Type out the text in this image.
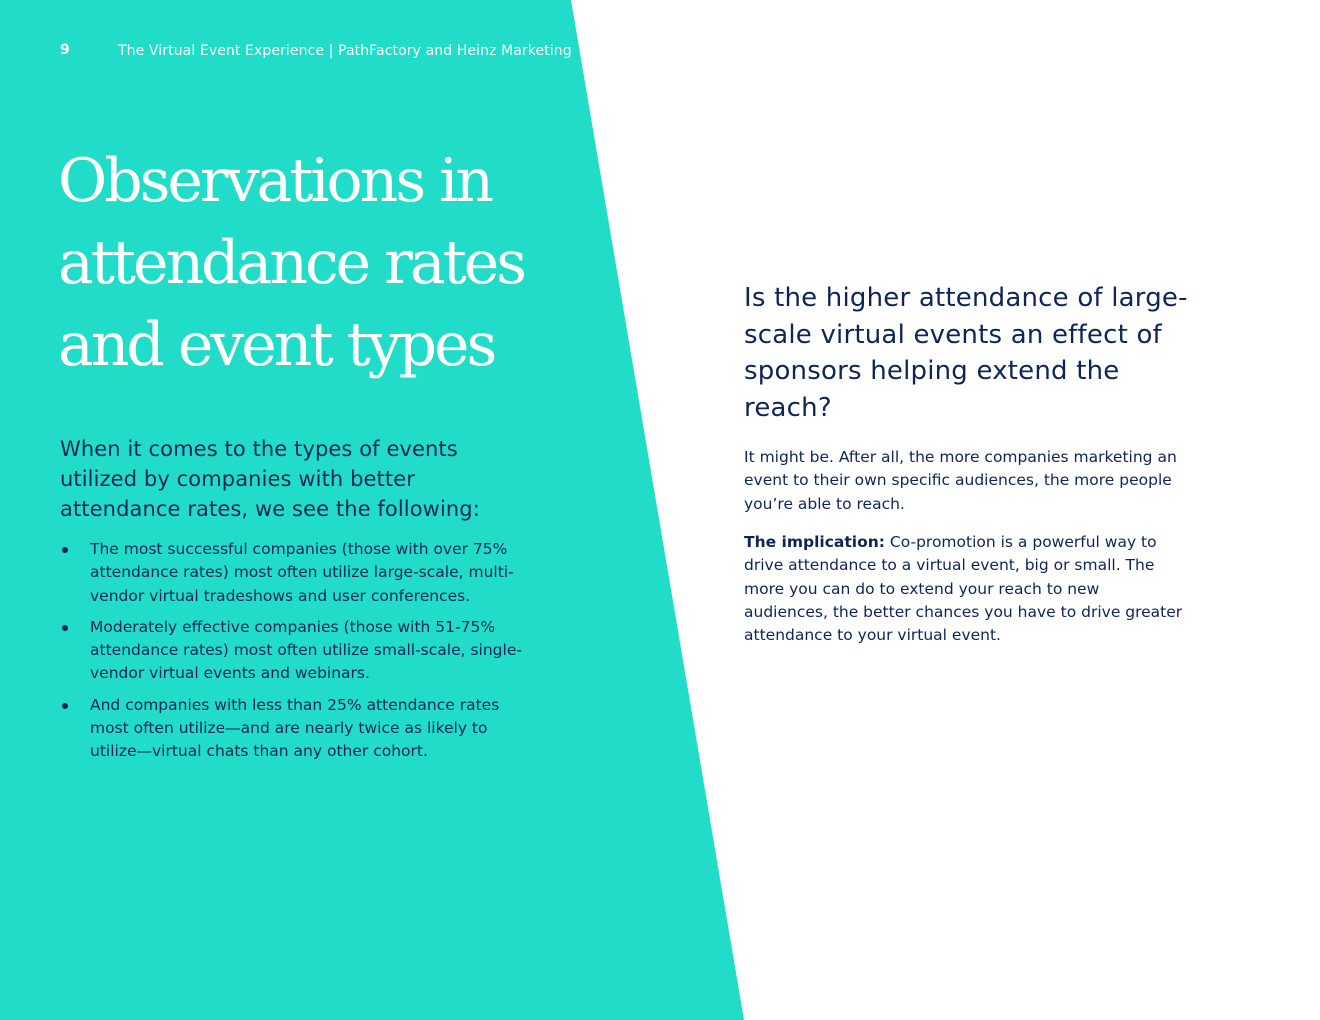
9	The Virtual Event Experience | PathFactory and Heinz Marketing
Observations in attendance rates and event types

When it comes to the types of events utilized by companies with better attendance rates, we see the following:

The most successful companies (those with over 75% attendance rates) most often utilize large-scale, multi-vendor virtual tradeshows and user conferences.
Moderately effective companies (those with 51-75% attendance rates) most often utilize small-scale, single-vendor virtual events and webinars.
And companies with less than 25% attendance rates most often utilize—and are nearly twice as likely to utilize—virtual chats than any other cohort.
Is the higher attendance of large-scale virtual events an effect of sponsors helping extend the reach?

It might be. After all, the more companies marketing an event to their own specific audiences, the more people you’re able to reach.

The implication: Co-promotion is a powerful way to drive attendance to a virtual event, big or small. The more you can do to extend your reach to new audiences, the better chances you have to drive greater attendance to your virtual event.
